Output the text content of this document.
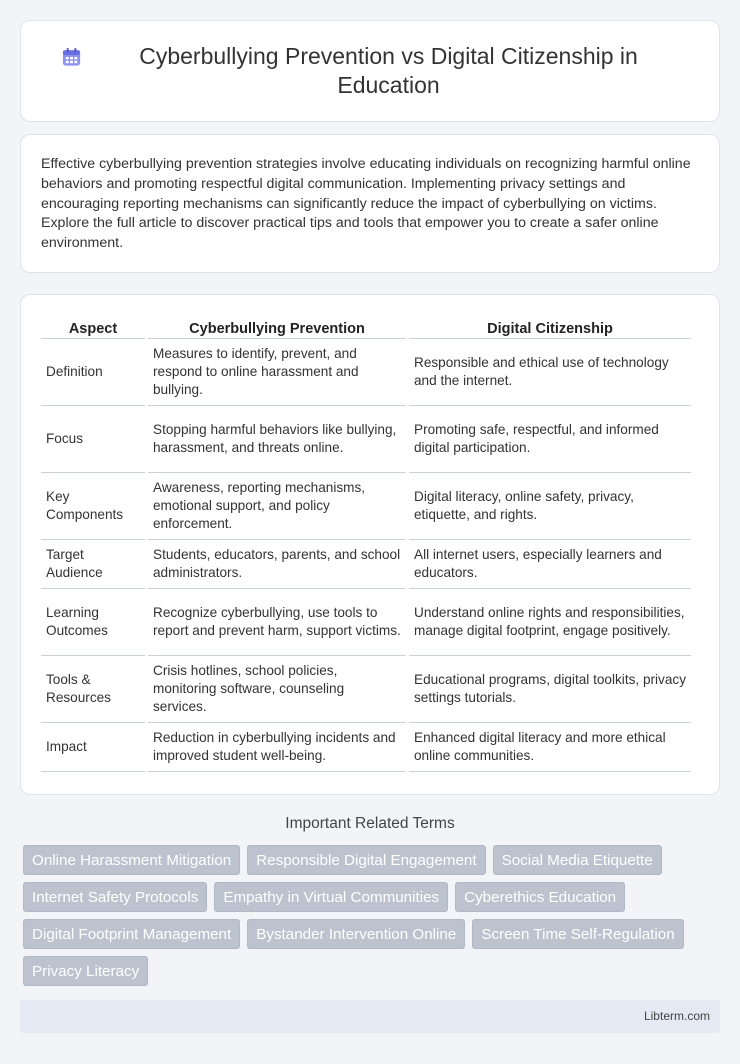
Cyberbullying Prevention vs Digital Citizenship in Education

Effective cyberbullying prevention strategies involve educating individuals on recognizing harmful online behaviors and promoting respectful digital communication. Implementing privacy settings and encouraging reporting mechanisms can significantly reduce the impact of cyberbullying on victims. Explore the full article to discover practical tips and tools that empower you to create a safer online environment.

Aspect	Cyberbullying Prevention	Digital Citizenship
Definition	Measures to identify, prevent, and respond to online harassment and bullying.	Responsible and ethical use of technology and the internet.
Focus	Stopping harmful behaviors like bullying, harassment, and threats online.	Promoting safe, respectful, and informed digital participation.
Key Components	Awareness, reporting mechanisms, emotional support, and policy enforcement.	Digital literacy, online safety, privacy, etiquette, and rights.
Target Audience	Students, educators, parents, and school administrators.	All internet users, especially learners and educators.
Learning Outcomes	Recognize cyberbullying, use tools to report and prevent harm, support victims.	Understand online rights and responsibilities, manage digital footprint, engage positively.
Tools & Resources	Crisis hotlines, school policies, monitoring software, counseling services.	Educational programs, digital toolkits, privacy settings tutorials.
Impact	Reduction in cyberbullying incidents and improved student well-being.	Enhanced digital literacy and more ethical online communities.
Important Related Terms
Online Harassment Mitigation	Responsible Digital Engagement	Social Media Etiquette
Internet Safety Protocols	Empathy in Virtual Communities	Cyberethics Education
Digital Footprint Management	Bystander Intervention Online	Screen Time Self-Regulation
Privacy Literacy
Libterm.com
